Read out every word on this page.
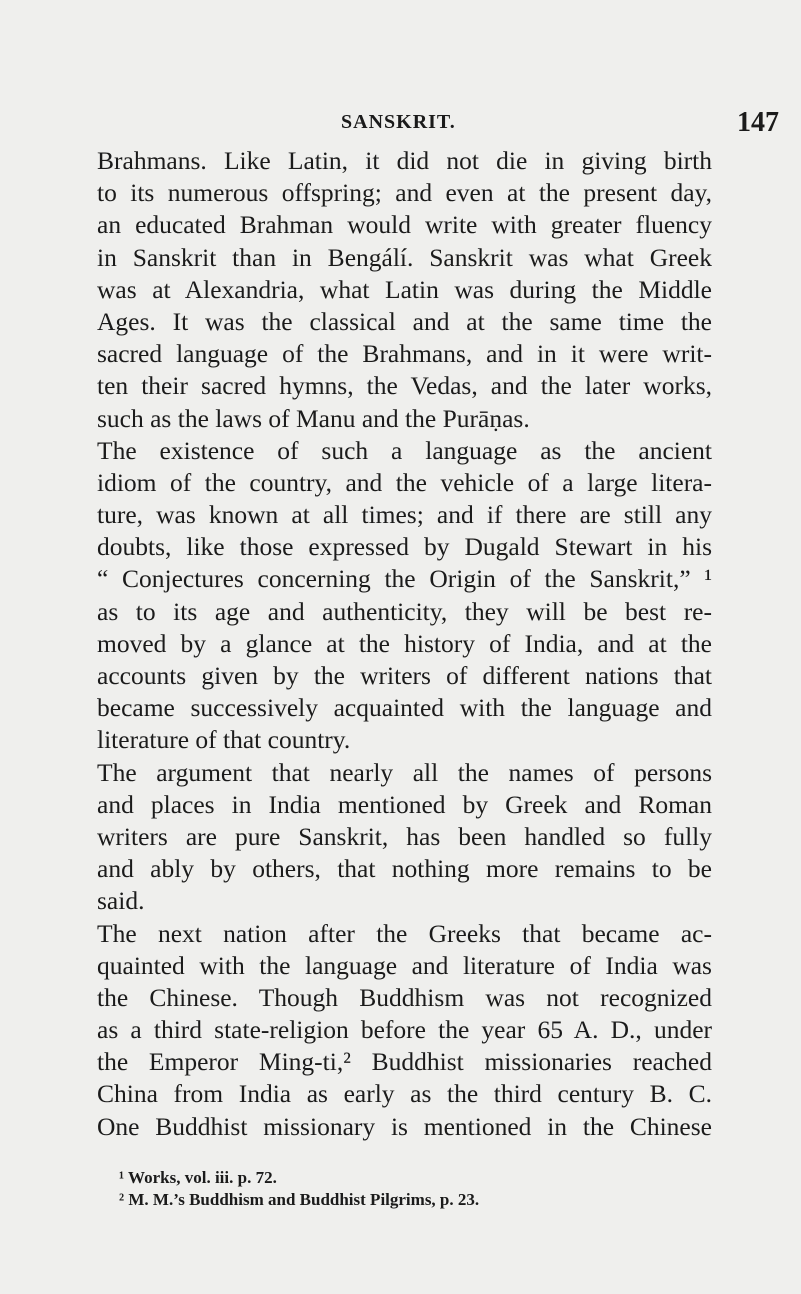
SANSKRIT.	147
Brahmans. Like Latin, it did not die in giving birth
to its numerous offspring; and even at the present day,
an educated Brahman would write with greater fluency
in Sanskrit than in Bengálí. Sanskrit was what Greek
was at Alexandria, what Latin was during the Middle
Ages. It was the classical and at the same time the
sacred language of the Brahmans, and in it were writ-
ten their sacred hymns, the Vedas, and the later works,
such as the laws of Manu and the Purāṇas.
The existence of such a language as the ancient
idiom of the country, and the vehicle of a large litera-
ture, was known at all times; and if there are still any
doubts, like those expressed by Dugald Stewart in his
“ Conjectures concerning the Origin of the Sanskrit,” ¹
as to its age and authenticity, they will be best re-
moved by a glance at the history of India, and at the
accounts given by the writers of different nations that
became successively acquainted with the language and
literature of that country.
The argument that nearly all the names of persons
and places in India mentioned by Greek and Roman
writers are pure Sanskrit, has been handled so fully
and ably by others, that nothing more remains to be
said.
The next nation after the Greeks that became ac-
quainted with the language and literature of India was
the Chinese. Though Buddhism was not recognized
as a third state-religion before the year 65 A. D., under
the Emperor Ming-ti,² Buddhist missionaries reached
China from India as early as the third century B. C.
One Buddhist missionary is mentioned in the Chinese
¹ Works, vol. iii. p. 72.
² M. M.’s Buddhism and Buddhist Pilgrims, p. 23.
